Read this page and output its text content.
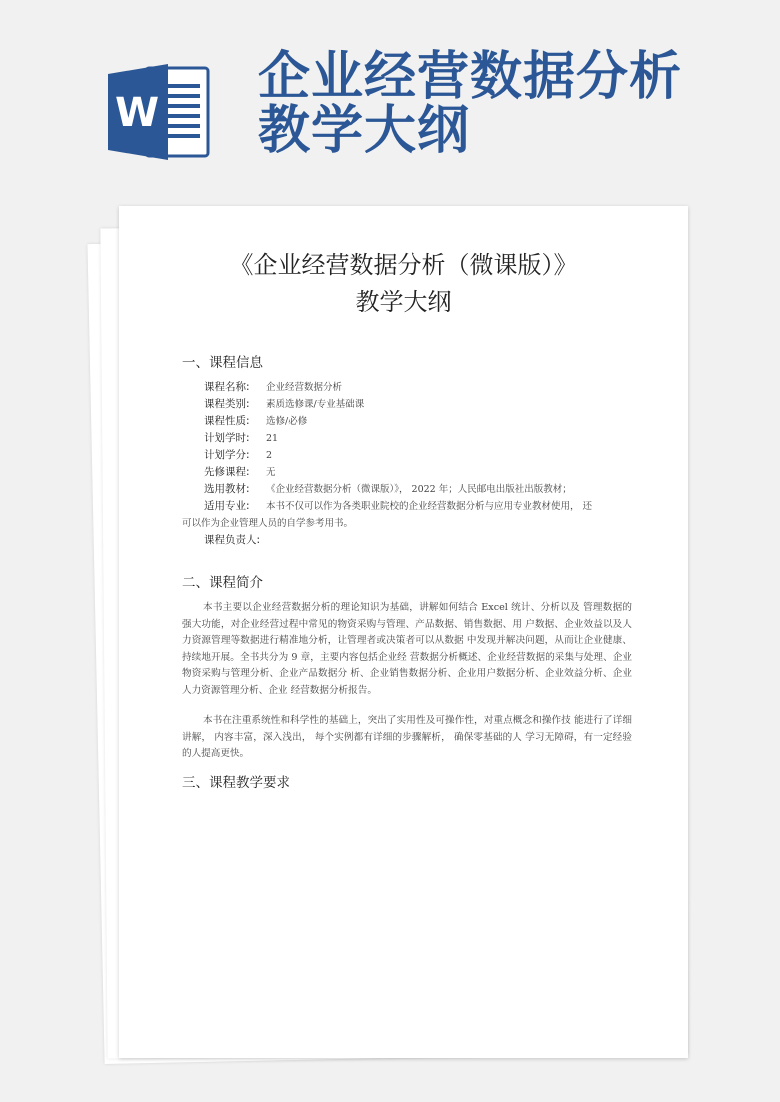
W
企业经营数据分析
教学大纲
《企业经营数据分析（微课版）》
教学大纲
一、课程信息
课程名称: 企业经营数据分析
课程类别: 素质选修课/专业基础课
课程性质: 选修/必修
计划学时: 21
计划学分: 2
先修课程: 无
选用教材: 《企业经营数据分析（微课版）》， 2022 年；人民邮电出版社出版教材；
适用专业: 本书不仅可以作为各类职业院校的企业经营数据分析与应用专业教材使用， 还
可以作为企业管理人员的自学参考用书。
课程负责人:
二、课程简介

本书主要以企业经营数据分析的理论知识为基础，讲解如何结合 Excel 统计、分析以及 管理数据的强大功能，对企业经营过程中常见的物资采购与管理、产品数据、销售数据、用 户数据、企业效益以及人力资源管理等数据进行精准地分析，让管理者或决策者可以从数据 中发现并解决问题，从而让企业健康、持续地开展。全书共分为 9 章，主要内容包括企业经 营数据分析概述、企业经营数据的采集与处理、企业物资采购与管理分析、企业产品数据分 析、企业销售数据分析、企业用户数据分析、企业效益分析、企业人力资源管理分析、企业 经营数据分析报告。

本书在注重系统性和科学性的基础上，突出了实用性及可操作性，对重点概念和操作技 能进行了详细讲解， 内容丰富，深入浅出， 每个实例都有详细的步骤解析， 确保零基础的人 学习无障碍，有一定经验的人提高更快。

三、课程教学要求
